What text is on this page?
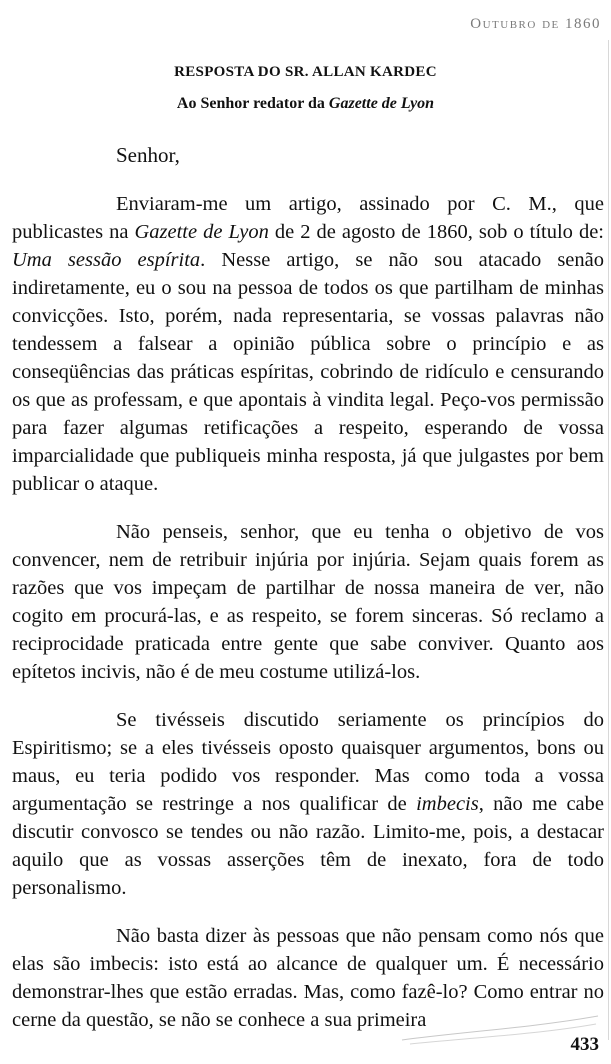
Outubro de 1860
RESPOSTA DO SR. ALLAN KARDEC
Ao Senhor redator da Gazette de Lyon
Senhor,

Enviaram-me um artigo, assinado por C. M., que publicastes na Gazette de Lyon de 2 de agosto de 1860, sob o título de: Uma sessão espírita. Nesse artigo, se não sou atacado senão indiretamente, eu o sou na pessoa de todos os que partilham de minhas convicções. Isto, porém, nada representaria, se vossas palavras não tendessem a falsear a opinião pública sobre o princípio e as conseqüências das práticas espíritas, cobrindo de ridículo e censurando os que as professam, e que apontais à vindita legal. Peço-vos permissão para fazer algumas retificações a respeito, esperando de vossa imparcialidade que publiqueis minha resposta, já que julgastes por bem publicar o ataque.

Não penseis, senhor, que eu tenha o objetivo de vos convencer, nem de retribuir injúria por injúria. Sejam quais forem as razões que vos impeçam de partilhar de nossa maneira de ver, não cogito em procurá-las, e as respeito, se forem sinceras. Só reclamo a reciprocidade praticada entre gente que sabe conviver. Quanto aos epítetos incivis, não é de meu costume utilizá-los.

Se tivésseis discutido seriamente os princípios do Espiritismo; se a eles tivésseis oposto quaisquer argumentos, bons ou maus, eu teria podido vos responder. Mas como toda a vossa argumentação se restringe a nos qualificar de imbecis, não me cabe discutir convosco se tendes ou não razão. Limito-me, pois, a destacar aquilo que as vossas asserções têm de inexato, fora de todo personalismo.

Não basta dizer às pessoas que não pensam como nós que elas são imbecis: isto está ao alcance de qualquer um. É necessário demonstrar-lhes que estão erradas. Mas, como fazê-lo? Como entrar no cerne da questão, se não se conhece a sua primeira

433
